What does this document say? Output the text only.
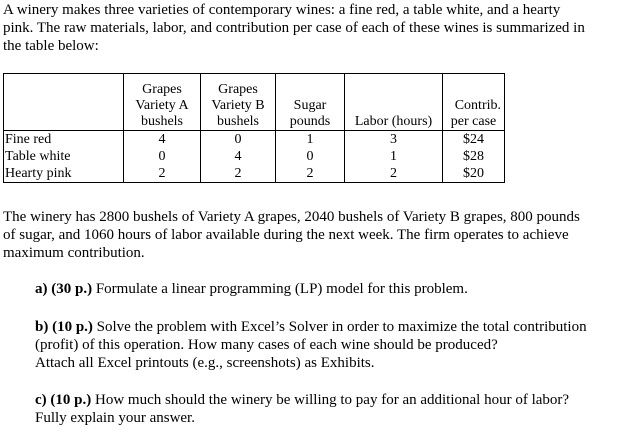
A winery makes three varieties of contemporary wines: a fine red, a table white, and a hearty
pink. The raw materials, labor, and contribution per case of each of these wines is summarized in
the table below:

	Grapes
Variety A
bushels	Grapes
Variety B
bushels	Sugar
pounds	Labor (hours)	Contrib.
per case

Fine red	4	0	1	3	$24
Table white	0	4	0	1	$28
Hearty pink	2	2	2	2	$20
The winery has 2800 bushels of Variety A grapes, 2040 bushels of Variety B grapes, 800 pounds
of sugar, and 1060 hours of labor available during the next week. The firm operates to achieve
maximum contribution.
a) (30 p.) Formulate a linear programming (LP) model for this problem.
b) (10 p.) Solve the problem with Excel’s Solver in order to maximize the total contribution
(profit) of this operation. How many cases of each wine should be produced?
Attach all Excel printouts (e.g., screenshots) as Exhibits.
c) (10 p.) How much should the winery be willing to pay for an additional hour of labor?
Fully explain your answer.
